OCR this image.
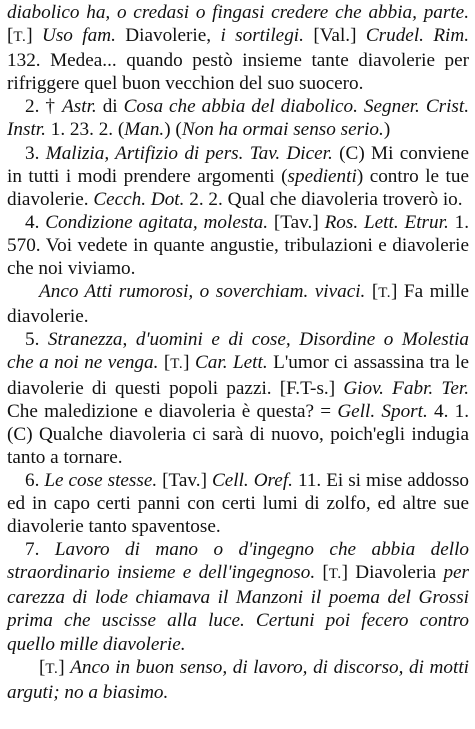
diabolico ha, o credasi o fingasi credere che abbia, parte. [T.] Uso fam. Diavolerie, i sortilegi. [Val.] Crudel. Rim. 132. Medea... quando pestò insieme tante diavolerie per rifriggere quel buon vecchion del suo suocero.

2. † Astr. di Cosa che abbia del diabolico. Segner. Crist. Instr. 1. 23. 2. (Man.) (Non ha ormai senso serio.)

3. Malizia, Artifizio di pers. Tav. Dicer. (C) Mi conviene in tutti i modi prendere argomenti (spedienti) contro le tue diavolerie. Cecch. Dot. 2. 2. Qual che diavoleria troverò io.

4. Condizione agitata, molesta. [Tav.] Ros. Lett. Etrur. 1. 570. Voi vedete in quante angustie, tribulazioni e diavolerie che noi viviamo.

Anco Atti rumorosi, o soverchiam. vivaci. [T.] Fa mille diavolerie.

5. Stranezza, d'uomini e di cose, Disordine o Molestia che a noi ne venga. [T.] Car. Lett. L'umor ci assassina tra le diavolerie di questi popoli pazzi. [F.T-s.] Giov. Fabr. Ter. Che maledizione e diavoleria è questa? = Gell. Sport. 4. 1. (C) Qualche diavoleria ci sarà di nuovo, poich'egli indugia tanto a tornare.

6. Le cose stesse. [Tav.] Cell. Oref. 11. Ei si mise addosso ed in capo certi panni con certi lumi di zolfo, ed altre sue diavolerie tanto spaventose.

7. Lavoro di mano o d'ingegno che abbia dello straordinario insieme e dell'ingegnoso. [T.] Diavoleria per carezza di lode chiamava il Manzoni il poema del Grossi prima che uscisse alla luce. Certuni poi fecero contro quello mille diavolerie.

[T.] Anco in buon senso, di lavoro, di discorso, di motti arguti; no a biasimo.
